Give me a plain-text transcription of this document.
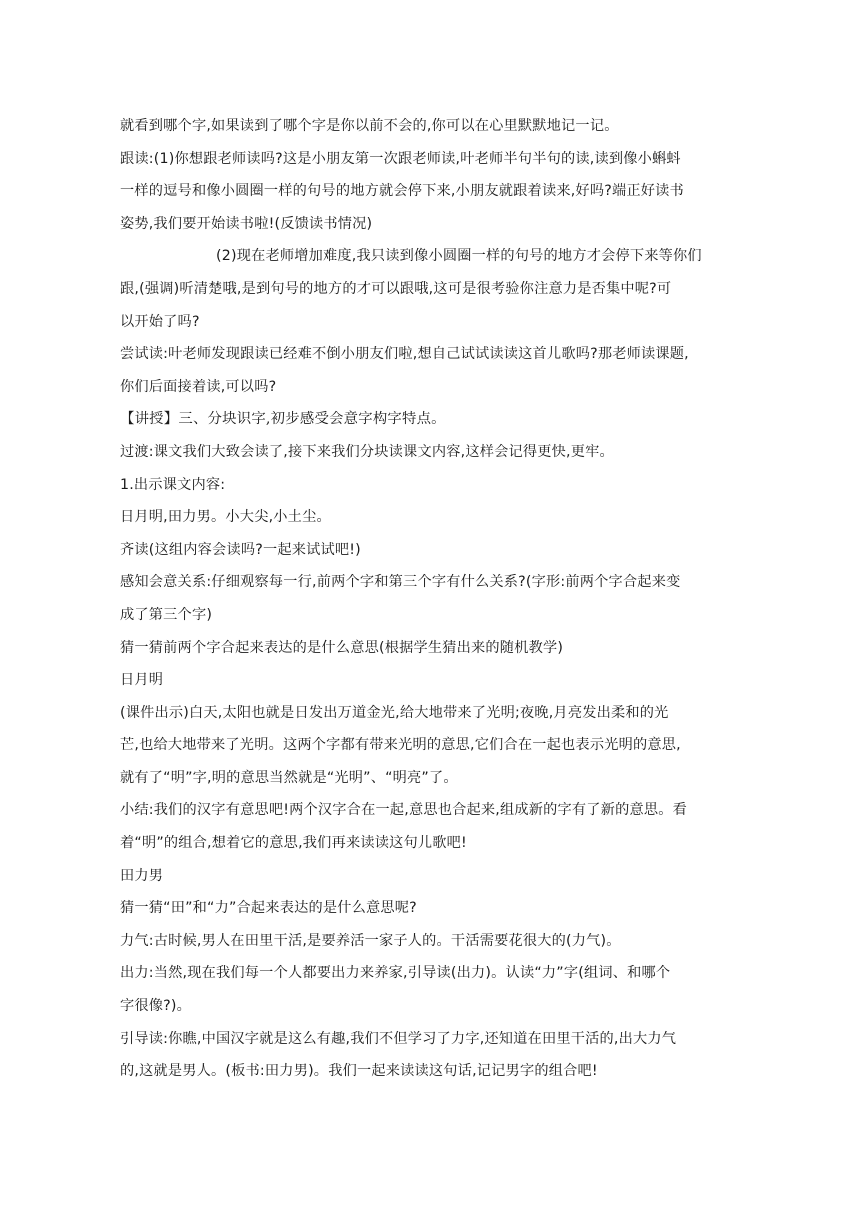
就看到哪个字,如果读到了哪个字是你以前不会的,你可以在心里默默地记一记。
跟读:(1)你想跟老师读吗?这是小朋友第一次跟老师读,叶老师半句半句的读,读到像小蝌蚪
一样的逗号和像小圆圈一样的句号的地方就会停下来,小朋友就跟着读来,好吗?端正好读书
姿势,我们要开始读书啦!(反馈读书情况)
(2)现在老师增加难度,我只读到像小圆圈一样的句号的地方才会停下来等你们
跟,(强调)听清楚哦,是到句号的地方的才可以跟哦,这可是很考验你注意力是否集中呢?可
以开始了吗?
尝试读:叶老师发现跟读已经难不倒小朋友们啦,想自己试试读读这首儿歌吗?那老师读课题,
你们后面接着读,可以吗?
【讲授】三、分块识字,初步感受会意字构字特点。
过渡:课文我们大致会读了,接下来我们分块读课文内容,这样会记得更快,更牢。
1.出示课文内容:
日月明,田力男。小大尖,小土尘。
齐读(这组内容会读吗?一起来试试吧!)
感知会意关系:仔细观察每一行,前两个字和第三个字有什么关系?(字形:前两个字合起来变
成了第三个字)
猜一猜前两个字合起来表达的是什么意思(根据学生猜出来的随机教学)
日月明
(课件出示)白天,太阳也就是日发出万道金光,给大地带来了光明;夜晚,月亮发出柔和的光
芒,也给大地带来了光明。这两个字都有带来光明的意思,它们合在一起也表示光明的意思,
就有了“明”字,明的意思当然就是“光明”、“明亮”了。
小结:我们的汉字有意思吧!两个汉字合在一起,意思也合起来,组成新的字有了新的意思。看
着“明”的组合,想着它的意思,我们再来读读这句儿歌吧!
田力男
猜一猜“田”和“力”合起来表达的是什么意思呢?
力气:古时候,男人在田里干活,是要养活一家子人的。干活需要花很大的(力气)。
出力:当然,现在我们每一个人都要出力来养家,引导读(出力)。认读“力”字(组词、和哪个
字很像?)。
引导读:你瞧,中国汉字就是这么有趣,我们不但学习了力字,还知道在田里干活的,出大力气
的,这就是男人。(板书:田力男)。我们一起来读读这句话,记记男字的组合吧!
